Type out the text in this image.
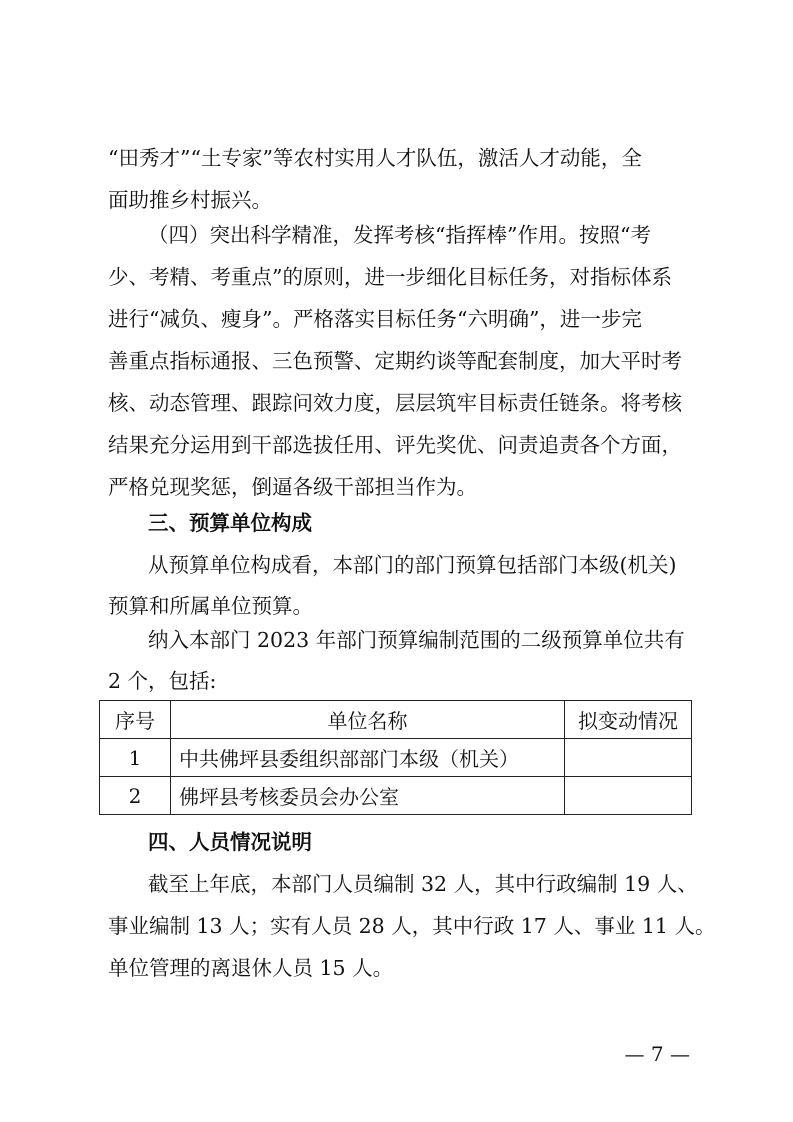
“田秀才”“土专家”等农村实用人才队伍，激活人才动能，全
面助推乡村振兴。
（四）突出科学精准，发挥考核“指挥棒”作用。按照“考
少、考精、考重点”的原则，进一步细化目标任务，对指标体系
进行“减负、瘦身”。严格落实目标任务“六明确”，进一步完
善重点指标通报、三色预警、定期约谈等配套制度，加大平时考
核、动态管理、跟踪问效力度，层层筑牢目标责任链条。将考核
结果充分运用到干部选拔任用、评先奖优、问责追责各个方面，
严格兑现奖惩，倒逼各级干部担当作为。
三、预算单位构成
从预算单位构成看，本部门的部门预算包括部门本级(机关)
预算和所属单位预算。
纳入本部门 2023 年部门预算编制范围的二级预算单位共有
2 个，包括:
序号	单位名称	拟变动情况
1	中共佛坪县委组织部部门本级（机关）	
2	佛坪县考核委员会办公室	
四、人员情况说明
截至上年底，本部门人员编制 32 人，其中行政编制 19 人、
事业编制 13 人；实有人员 28 人，其中行政 17 人、事业 11 人。
单位管理的离退休人员 15 人。
— 7 —
